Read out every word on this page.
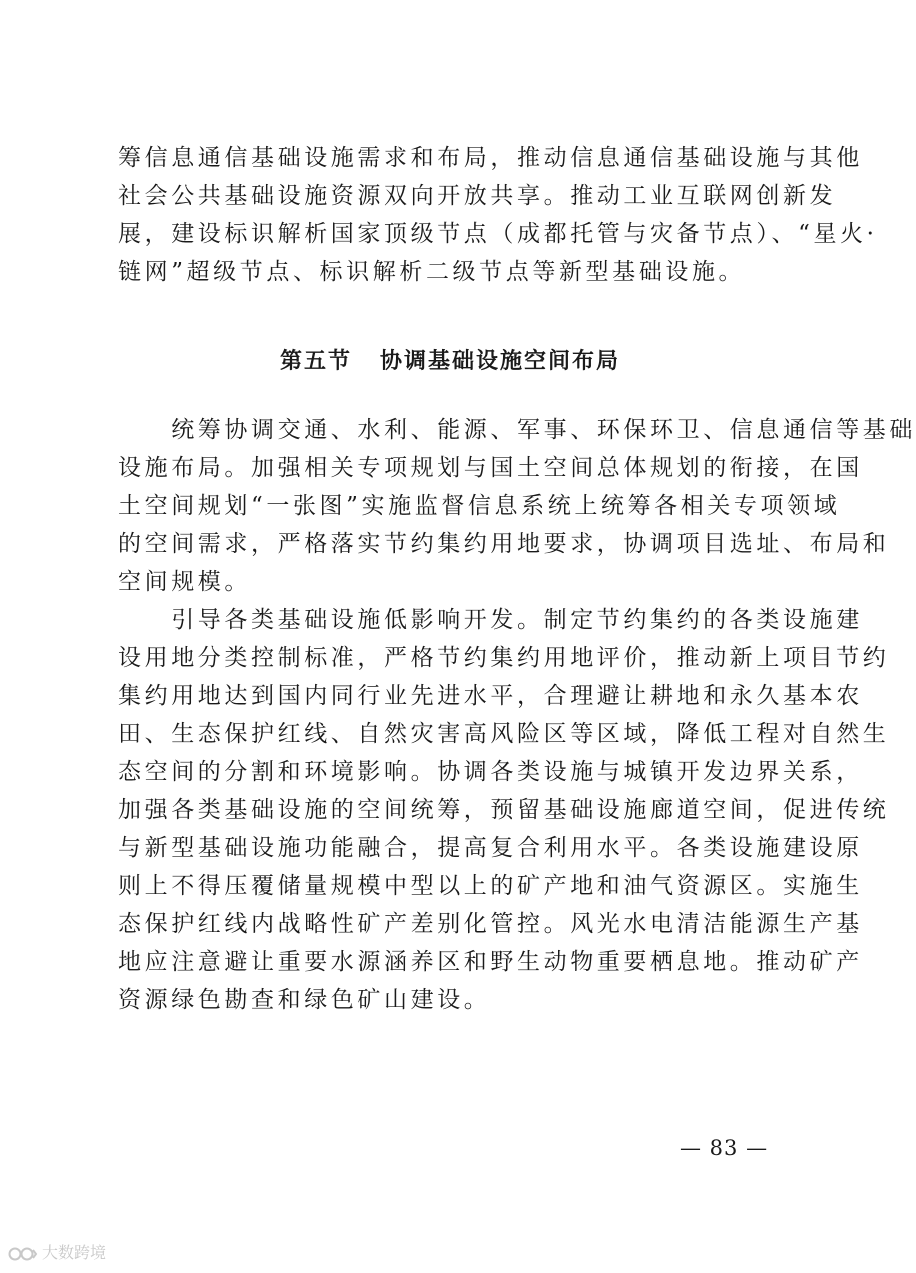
筹信息通信基础设施需求和布局，推动信息通信基础设施与其他
社会公共基础设施资源双向开放共享。推动工业互联网创新发
展，建设标识解析国家顶级节点（成都托管与灾备节点）、“星火·
链网”超级节点、标识解析二级节点等新型基础设施。
第五节 协调基础设施空间布局
　　统筹协调交通、水利、能源、军事、环保环卫、信息通信等基础
设施布局。加强相关专项规划与国土空间总体规划的衔接，在国
土空间规划“一张图”实施监督信息系统上统筹各相关专项领域
的空间需求，严格落实节约集约用地要求，协调项目选址、布局和
空间规模。
　　引导各类基础设施低影响开发。制定节约集约的各类设施建
设用地分类控制标准，严格节约集约用地评价，推动新上项目节约
集约用地达到国内同行业先进水平，合理避让耕地和永久基本农
田、生态保护红线、自然灾害高风险区等区域，降低工程对自然生
态空间的分割和环境影响。协调各类设施与城镇开发边界关系，
加强各类基础设施的空间统筹，预留基础设施廊道空间，促进传统
与新型基础设施功能融合，提高复合利用水平。各类设施建设原
则上不得压覆储量规模中型以上的矿产地和油气资源区。实施生
态保护红线内战略性矿产差别化管控。风光水电清洁能源生产基
地应注意避让重要水源涵养区和野生动物重要栖息地。推动矿产
资源绿色勘查和绿色矿山建设。
— 83 —
大数跨境
